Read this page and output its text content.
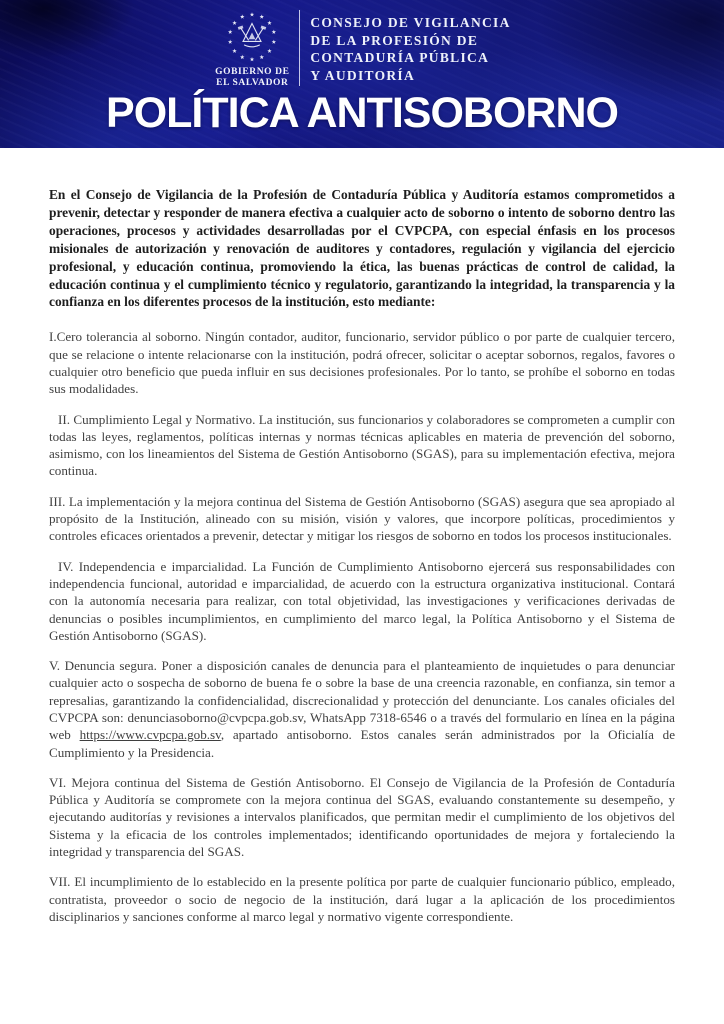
GOBIERNO DE
EL SALVADOR
CONSEJO DE VIGILANCIA
DE LA PROFESIÓN DE
CONTADURÍA PÚBLICA
Y AUDITORÍA
POLÍTICA ANTISOBORNO

En el Consejo de Vigilancia de la Profesión de Contaduría Pública y Auditoría estamos comprometidos a prevenir, detectar y responder de manera efectiva a cualquier acto de soborno o intento de soborno dentro las operaciones, procesos y actividades desarrolladas por el CVPCPA, con especial énfasis en los procesos misionales de autorización y renovación de auditores y contadores, regulación y vigilancia del ejercicio profesional, y educación continua, promoviendo la ética, las buenas prácticas de control de calidad, la educación continua y el cumplimiento técnico y regulatorio, garantizando la integridad, la transparencia y la confianza en los diferentes procesos de la institución, esto mediante:

I.Cero tolerancia al soborno. Ningún contador, auditor, funcionario, servidor público o por parte de cualquier tercero, que se relacione o intente relacionarse con la institución, podrá ofrecer, solicitar o aceptar sobornos, regalos, favores o cualquier otro beneficio que pueda influir en sus decisiones profesionales. Por lo tanto, se prohíbe el soborno en todas sus modalidades.

II. Cumplimiento Legal y Normativo. La institución, sus funcionarios y colaboradores se comprometen a cumplir con todas las leyes, reglamentos, políticas internas y normas técnicas aplicables en materia de prevención del soborno, asimismo, con los lineamientos del Sistema de Gestión Antisoborno (SGAS), para su implementación efectiva, mejora continua.

III. La implementación y la mejora continua del Sistema de Gestión Antisoborno (SGAS) asegura que sea apropiado al propósito de la Institución, alineado con su misión, visión y valores, que incorpore políticas, procedimientos y controles eficaces orientados a prevenir, detectar y mitigar los riesgos de soborno en todos los procesos institucionales.

IV. Independencia e imparcialidad. La Función de Cumplimiento Antisoborno ejercerá sus responsabilidades con independencia funcional, autoridad e imparcialidad, de acuerdo con la estructura organizativa institucional. Contará con la autonomía necesaria para realizar, con total objetividad, las investigaciones y verificaciones derivadas de denuncias o posibles incumplimientos, en cumplimiento del marco legal, la Política Antisoborno y el Sistema de Gestión Antisoborno (SGAS).

V. Denuncia segura. Poner a disposición canales de denuncia para el planteamiento de inquietudes o para denunciar cualquier acto o sospecha de soborno de buena fe o sobre la base de una creencia razonable, en confianza, sin temor a represalias, garantizando la confidencialidad, discrecionalidad y protección del denunciante. Los canales oficiales del CVPCPA son: denunciasoborno@cvpcpa.gob.sv, WhatsApp 7318-6546 o a través del formulario en línea en la página web https://www.cvpcpa.gob.sv, apartado antisoborno. Estos canales serán administrados por la Oficialía de Cumplimiento y la Presidencia.

VI. Mejora continua del Sistema de Gestión Antisoborno. El Consejo de Vigilancia de la Profesión de Contaduría Pública y Auditoría se compromete con la mejora continua del SGAS, evaluando constantemente su desempeño, y ejecutando auditorías y revisiones a intervalos planificados, que permitan medir el cumplimiento de los objetivos del Sistema y la eficacia de los controles implementados; identificando oportunidades de mejora y fortaleciendo la integridad y transparencia del SGAS.

VII. El incumplimiento de lo establecido en la presente política por parte de cualquier funcionario público, empleado, contratista, proveedor o socio de negocio de la institución, dará lugar a la aplicación de los procedimientos disciplinarios y sanciones conforme al marco legal y normativo vigente correspondiente.
